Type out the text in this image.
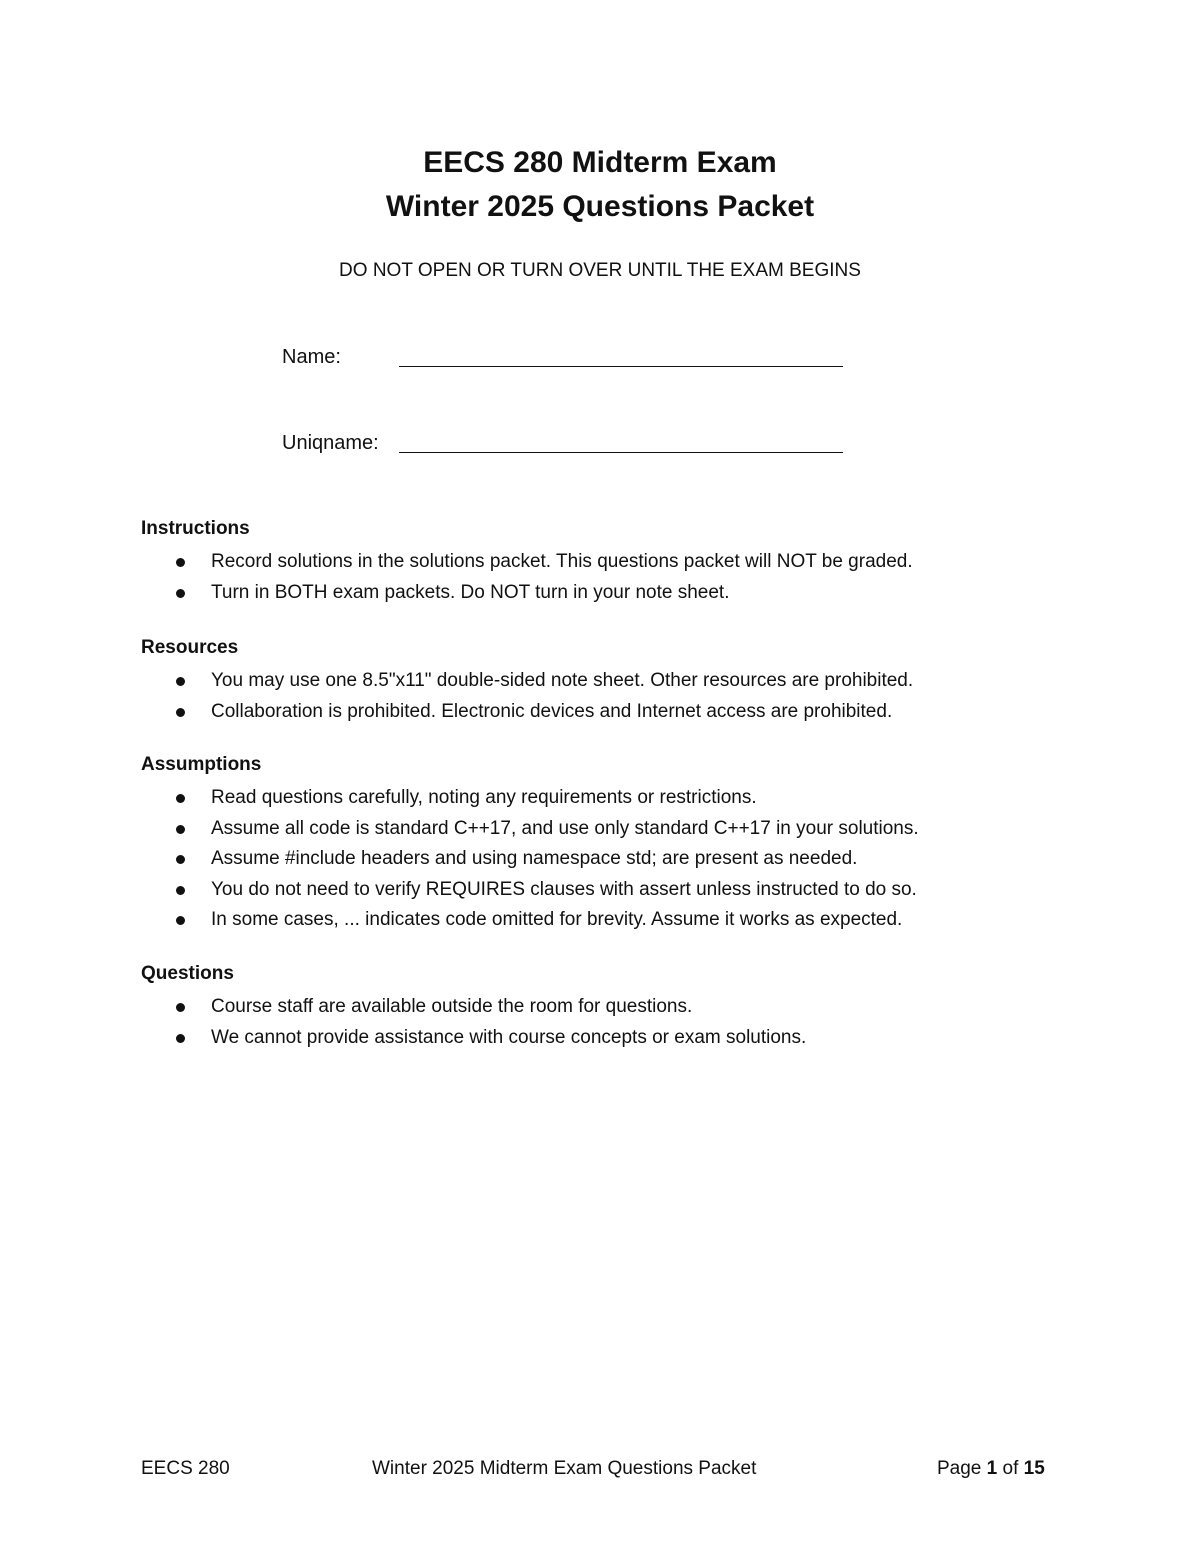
EECS 280 Midterm Exam
Winter 2025 Questions Packet
DO NOT OPEN OR TURN OVER UNTIL THE EXAM BEGINS
Name:
Uniqname:
Instructions
Record solutions in the solutions packet. This questions packet will NOT be graded.
Turn in BOTH exam packets. Do NOT turn in your note sheet.
Resources
You may use one 8.5"x11" double-sided note sheet. Other resources are prohibited.
Collaboration is prohibited. Electronic devices and Internet access are prohibited.
Assumptions
Read questions carefully, noting any requirements or restrictions.
Assume all code is standard C++17, and use only standard C++17 in your solutions.
Assume #include headers and using namespace std; are present as needed.
You do not need to verify REQUIRES clauses with assert unless instructed to do so.
In some cases, ... indicates code omitted for brevity. Assume it works as expected.
Questions
Course staff are available outside the room for questions.
We cannot provide assistance with course concepts or exam solutions.
EECS 280	Winter 2025 Midterm Exam Questions Packet	Page 1 of 15
